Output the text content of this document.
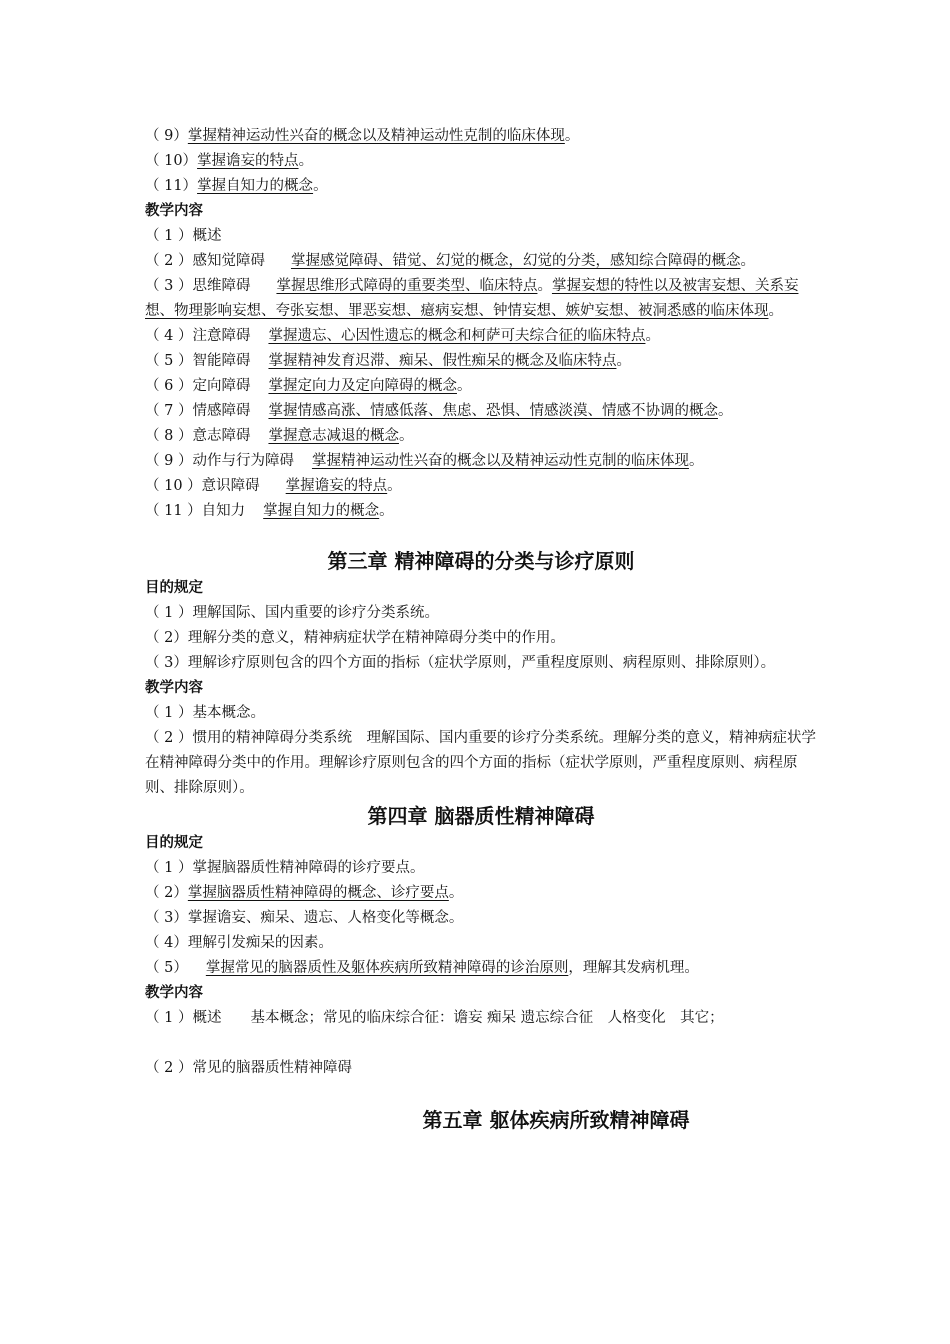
（ 9）掌握精神运动性兴奋的概念以及精神运动性克制的临床体现。
（ 10）掌握谵妄的特点。
（ 11）掌握自知力的概念。
教学内容
（ 1 ）概述
（ 2 ）感知觉障碍 掌握感觉障碍、错觉、幻觉的概念，幻觉的分类，感知综合障碍的概念。
（ 3 ）思维障碍 掌握思维形式障碍的重要类型、临床特点。掌握妄想的特性以及被害妄想、关系妄想、物理影响妄想、夸张妄想、罪恶妄想、癔病妄想、钟情妄想、嫉妒妄想、被洞悉感的临床体现。
（ 4 ）注意障碍 掌握遗忘、心因性遗忘的概念和柯萨可夫综合征的临床特点。
（ 5 ）智能障碍 掌握精神发育迟滞、痴呆、假性痴呆的概念及临床特点。
（ 6 ）定向障碍 掌握定向力及定向障碍的概念。
（ 7 ）情感障碍 掌握情感高涨、情感低落、焦虑、恐惧、情感淡漠、情感不协调的概念。
（ 8 ）意志障碍 掌握意志减退的概念。
（ 9 ）动作与行为障碍 掌握精神运动性兴奋的概念以及精神运动性克制的临床体现。
（ 10 ）意识障碍 掌握谵妄的特点。
（ 11 ）自知力 掌握自知力的概念。
第三章 精神障碍的分类与诊疗原则
目的规定
（ 1 ）理解国际、国内重要的诊疗分类系统。
（ 2）理解分类的意义，精神病症状学在精神障碍分类中的作用。
（ 3）理解诊疗原则包含的四个方面的指标（症状学原则，严重程度原则、病程原则、排除原则）。
教学内容
（ 1 ）基本概念。
（ 2 ）惯用的精神障碍分类系统　理解国际、国内重要的诊疗分类系统。理解分类的意义，精神病症状学在精神障碍分类中的作用。理解诊疗原则包含的四个方面的指标（症状学原则，严重程度原则、病程原则、排除原则）。
第四章 脑器质性精神障碍
目的规定
（ 1 ）掌握脑器质性精神障碍的诊疗要点。
（ 2）掌握脑器质性精神障碍的概念、诊疗要点。
（ 3）掌握谵妄、痴呆、遗忘、人格变化等概念。
（ 4）理解引发痴呆的因素。
（ 5） 掌握常见的脑器质性及躯体疾病所致精神障碍的诊治原则，理解其发病机理。
教学内容
（ 1 ）概述　　基本概念；常见的临床综合征：谵妄 痴呆 遗忘综合征　人格变化　其它；
（ 2 ）常见的脑器质性精神障碍
第五章 躯体疾病所致精神障碍
